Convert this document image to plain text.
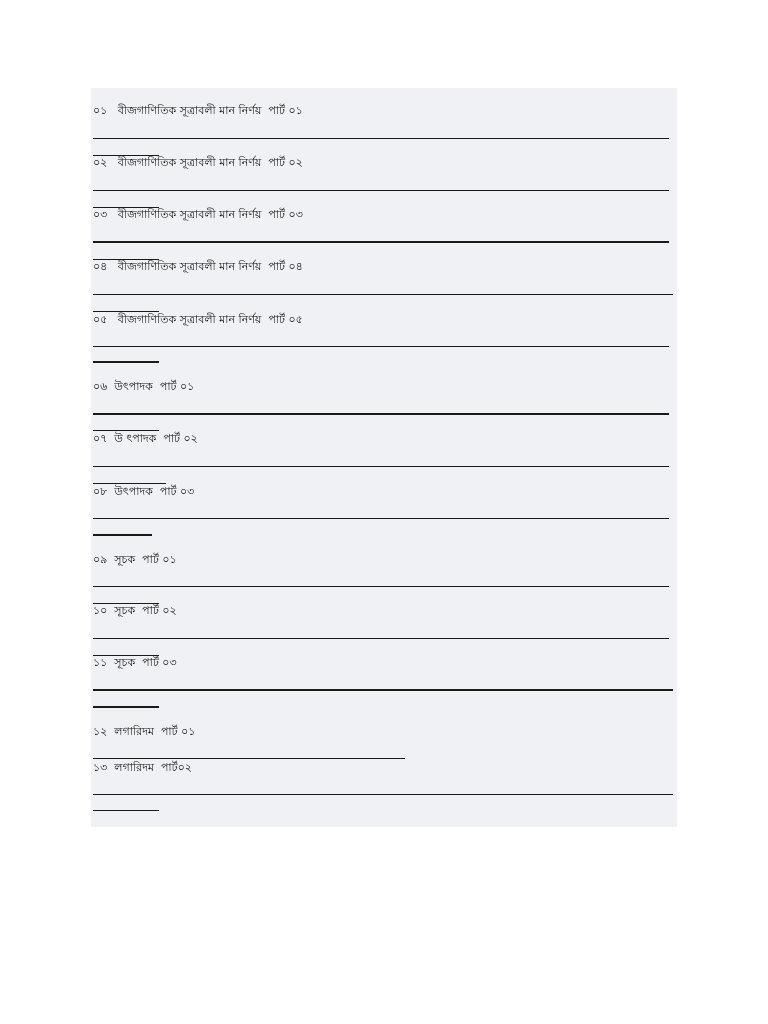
০১   বীজগাণিতিক সূত্রাবলী মান নির্ণয়  পার্ট ০১
০২   বীজগাণিতিক সূত্রাবলী মান নির্ণয়  পার্ট ০২
০৩   বীজগাণিতিক সূত্রাবলী মান নির্ণয়  পার্ট ০৩
০৪   বীজগাণিতিক সূত্রাবলী মান নির্ণয়  পার্ট ০৪
০৫   বীজগাণিতিক সূত্রাবলী মান নির্ণয়  পার্ট ০৫
০৬  উৎপাদক  পার্ট ০১
০৭  উ ৎপাদক  পার্ট ০২
০৮  উৎপাদক  পার্ট ০৩
০৯  সূচক  পার্ট ০১
১০  সূচক  পার্ট ০২
১১  সূচক  পার্ট ০৩
১২  লগারিদম  পার্ট ০১
১৩  লগারিদম  পার্ট০২
